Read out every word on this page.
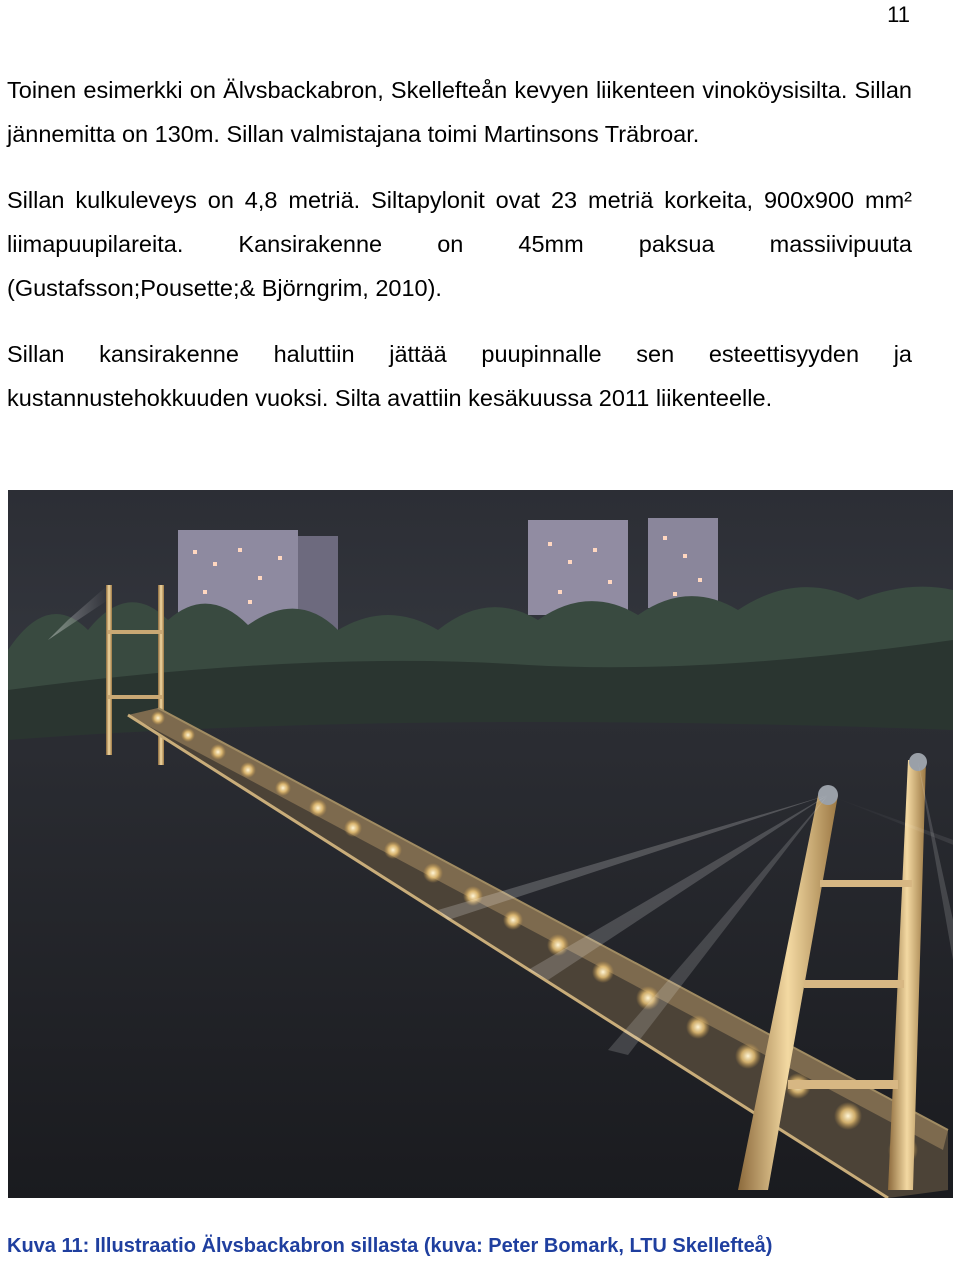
11

Toinen esimerkki on Älvsbackabron, Skellefteån kevyen liikenteen vinoköysisilta. Sillan jännemitta on 130m. Sillan valmistajana toimi Martinsons Träbroar.

Sillan kulkuleveys on 4,8 metriä. Siltapylonit ovat 23 metriä korkeita, 900x900 mm² liimapuupilareita. Kansirakenne on 45mm paksua massiivipuuta (Gustafsson;Pousette;& Björngrim, 2010).

Sillan kansirakenne haluttiin jättää puupinnalle sen esteettisyyden ja kustannustehokkuuden vuoksi. Silta avattiin kesäkuussa 2011 liikenteelle.

Kuva 11: Illustraatio Älvsbackabron sillasta (kuva: Peter Bomark, LTU Skellefteå)
